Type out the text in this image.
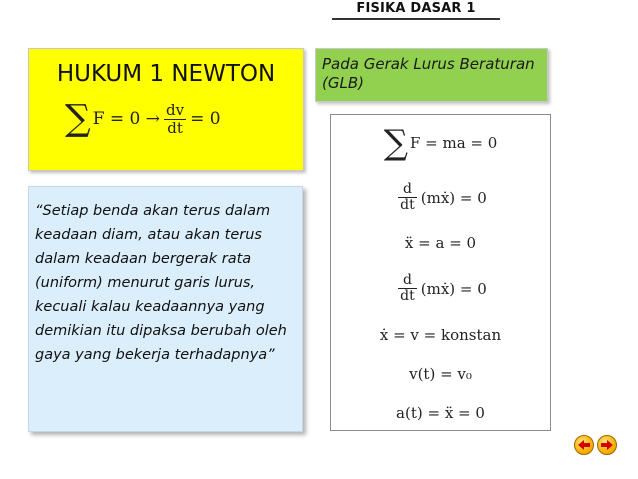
FISIKA DASAR 1
HUKUM 1 NEWTON
∑ $F = 0 \to \frac{dv}{dt} = 0$
Pada Gerak Lurus Beraturan (GLB)
“Setiap benda akan terus dalam keadaan diam, atau akan terus dalam keadaan bergerak rata (uniform) menurut garis lurus, kecuali kalau keadaannya yang demikian itu dipaksa berubah oleh gaya yang bekerja terhadapnya”
∑ F = ma = 0
$\frac{d}{dt}$ (mẋ) = 0
ẍ = a = 0
$\frac{d}{dt}$ (mẋ) = 0
ẋ = v = konstan
v(t) = v₀
a(t) = ẍ = 0
